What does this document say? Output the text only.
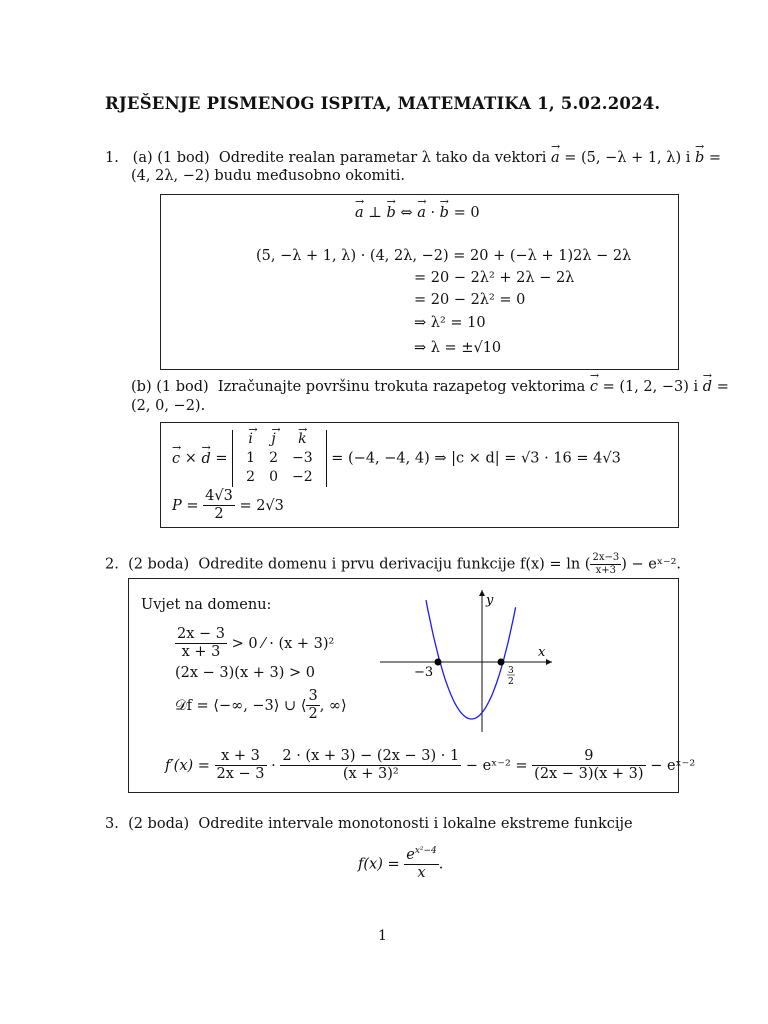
RJEŠENJE PISMENOG ISPITA, MATEMATIKA 1, 5.02.2024.
1. (a) (1 bod) Odredite realan parametar λ tako da vektori → a = (5, −λ + 1, λ) i → b =
(4, 2λ, −2) budu međusobno okomiti.
→ a ⊥ → b ⇔ → a · → b = 0
(5, −λ + 1, λ) · (4, 2λ, −2) = 20 + (−λ + 1)2λ − 2λ
= 20 − 2λ² + 2λ − 2λ
= 20 − 2λ² = 0
⇒ λ² = 10
⇒ λ = ±√10
(b) (1 bod) Izračunajte površinu trokuta razapetog vektorima → c = (1, 2, −3) i → d =
(2, 0, −2).
→ c × → d =
→ i	→ j	→ k
1	2	−3
2	0	−2
= (−4, −4, 4) ⇒ |c × d| = √3 · 16 = 4√3
$P = \frac{4√3}{2} = 2√3$
2. (2 boda) Odredite domenu i prvu derivaciju funkcije f(x) = ln ( $\frac{2x-3}{x+3}$ ) − eˣ⁻².
Uvjet na domenu:
$\frac{2x - 3}{x + 3} > 0$ ⁄ · (x + 3)²
(2x − 3)(x + 3) > 0
𝒟f = ⟨−∞, −3⟩ ∪ ⟨ $\frac{3}{2}$ , ∞⟩
y
x
−3	3
2
$f'(x) = \frac{x + 3}{2x - 3} \cdot \frac{2 \cdot (x + 3) - (2x - 3) \cdot 1}{\text{(x + 3)²}}$ − eˣ⁻² = $\frac{9}{(2x - 3)(x + 3)}$ − eˣ⁻²
3. (2 boda) Odredite intervale monotonosti i lokalne ekstreme funkcije
$f(x) = \frac{e^{x^2-4}}{x}$ .
1
